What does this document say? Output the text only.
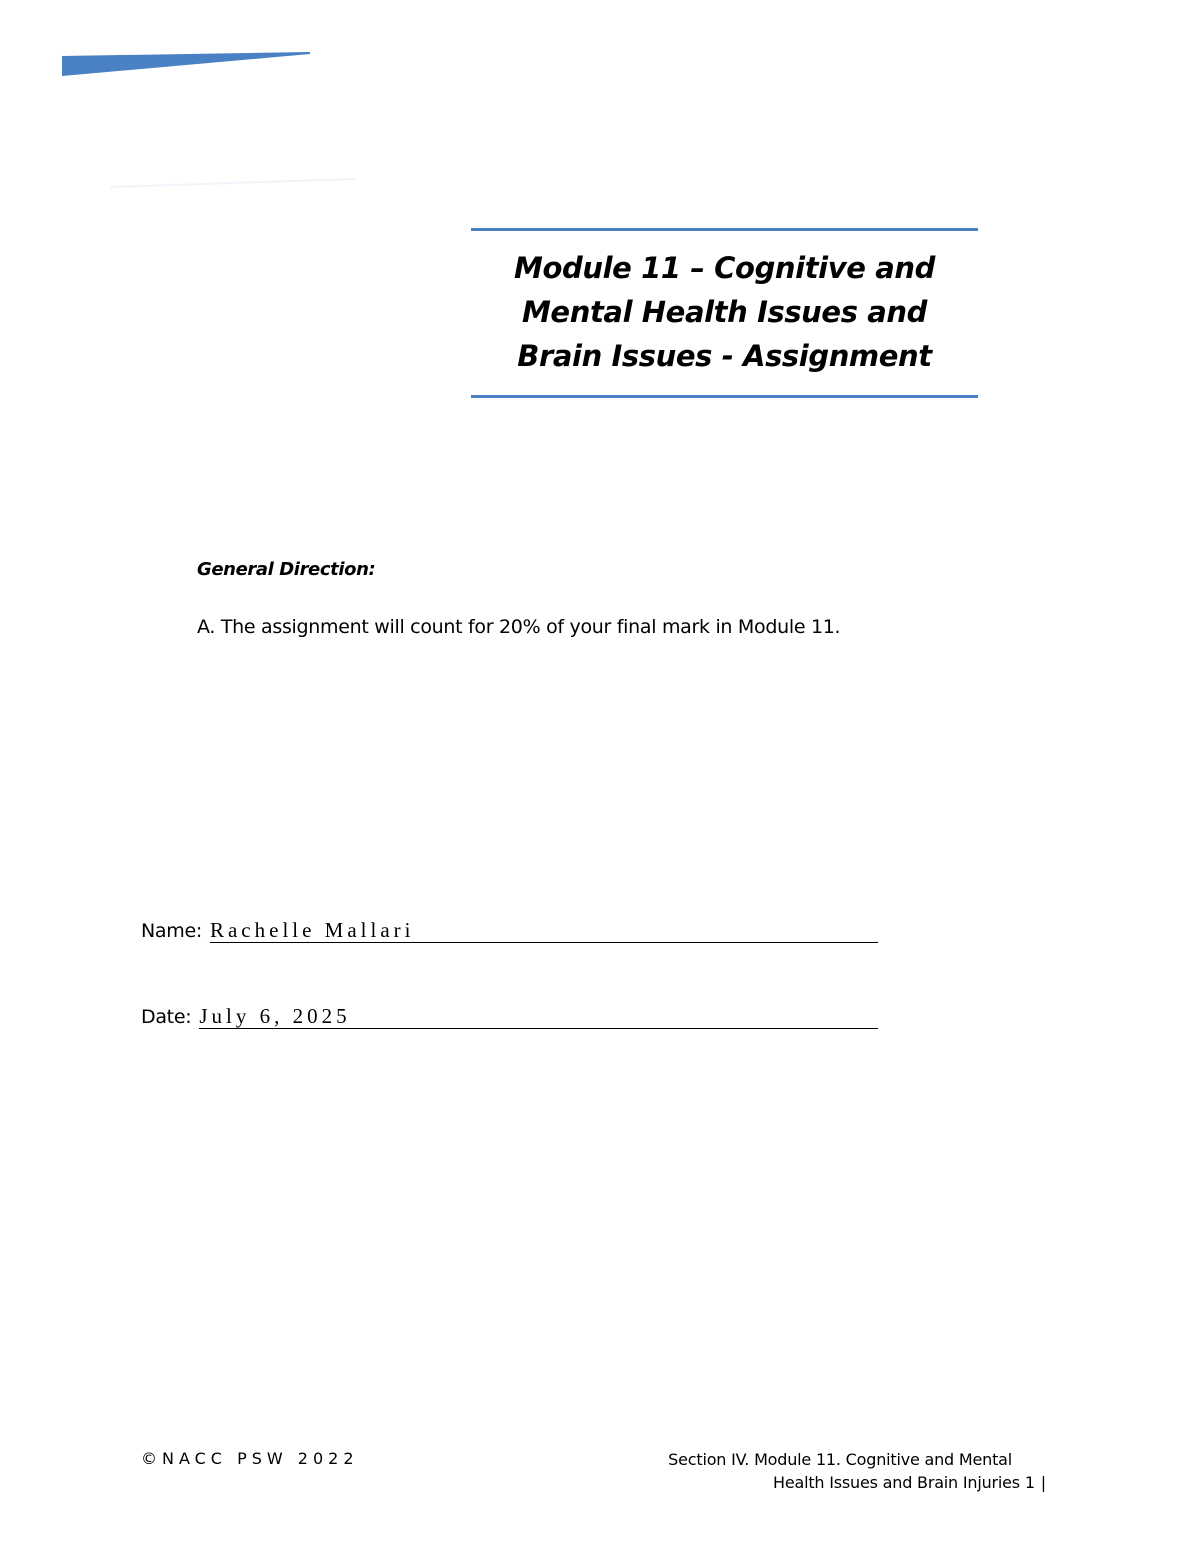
Module 11 – Cognitive and Mental Health Issues and Brain Issues - Assignment
General Direction:
A. The assignment will count for 20% of your final mark in Module 11.
Name: Rachelle Mallari
Date: July 6, 2025
©NACC PSW 2022	Section IV. Module 11. Cognitive and Mental
Health Issues and Brain Injuries 1 |
